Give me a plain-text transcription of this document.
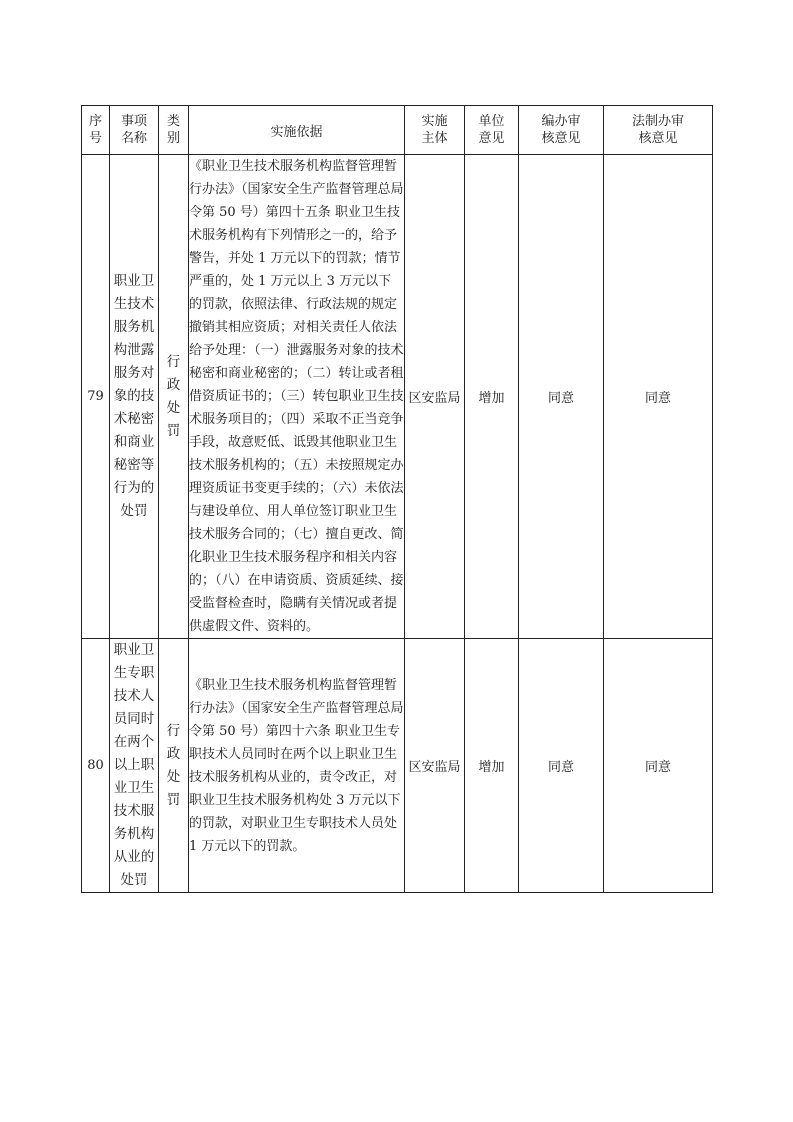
序号	事项名称	类别	实施依据	实施主体	单位意见	编办审核意见	法制办审核意见

79	职业卫生技术服务机构泄露服务对象的技术秘密和商业秘密等行为的处罚	行政处罚	《职业卫生技术服务机构监督管理暂行办法》（国家安全生产监督管理总局令第 50 号）第四十五条 职业卫生技术服务机构有下列情形之一的，给予警告，并处 1 万元以下的罚款；情节严重的，处 1 万元以上 3 万元以下的罚款，依照法律、行政法规的规定撤销其相应资质；对相关责任人依法给予处理：（一）泄露服务对象的技术秘密和商业秘密的；（二）转让或者租借资质证书的；（三）转包职业卫生技术服务项目的；（四）采取不正当竞争手段，故意贬低、诋毁其他职业卫生技术服务机构的；（五）未按照规定办理资质证书变更手续的；（六）未依法与建设单位、用人单位签订职业卫生技术服务合同的；（七）擅自更改、简化职业卫生技术服务程序和相关内容的；（八）在申请资质、资质延续、接受监督检查时，隐瞒有关情况或者提供虚假文件、资料的。	区安监局	增加	同意	同意
80	职业卫生专职技术人员同时在两个以上职业卫生技术服务机构从业的处罚	行政处罚	《职业卫生技术服务机构监督管理暂行办法》（国家安全生产监督管理总局令第 50 号）第四十六条 职业卫生专职技术人员同时在两个以上职业卫生技术服务机构从业的，责令改正，对职业卫生技术服务机构处 3 万元以下的罚款，对职业卫生专职技术人员处 1 万元以下的罚款。	区安监局	增加	同意	同意
